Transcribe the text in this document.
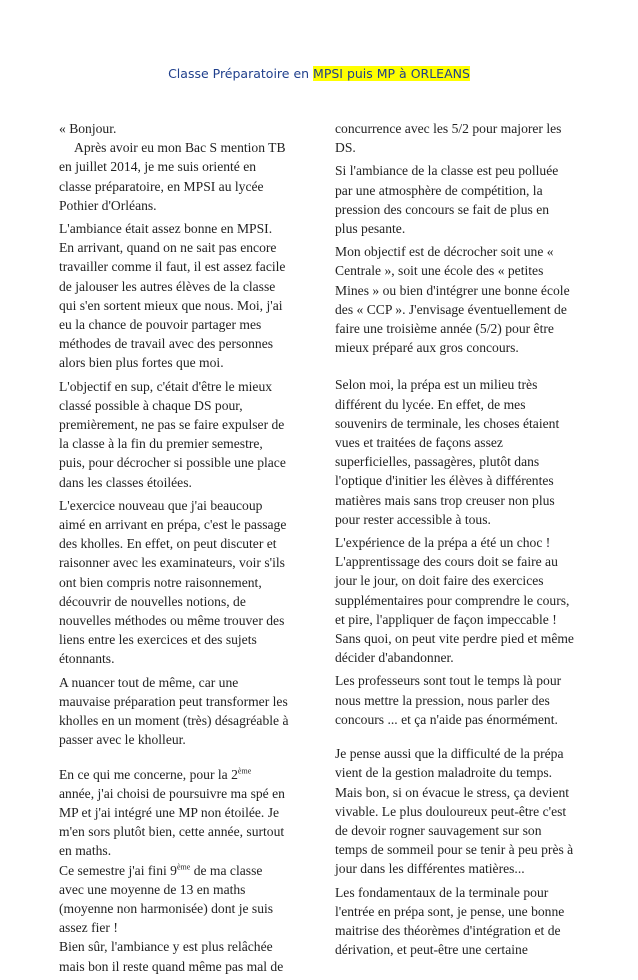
Classe Préparatoire en MPSI puis MP à ORLEANS

« Bonjour.
Après avoir eu mon Bac S mention TB en juillet 2014, je me suis orienté en classe préparatoire, en MPSI au lycée Pothier d'Orléans.

L'ambiance était assez bonne en MPSI.
En arrivant, quand on ne sait pas encore travailler comme il faut, il est assez facile de jalouser les autres élèves de la classe qui s'en sortent mieux que nous. Moi, j'ai eu la chance de pouvoir partager mes méthodes de travail avec des personnes alors bien plus fortes que moi.

L'objectif en sup, c'était d'être le mieux classé possible à chaque DS pour, premièrement, ne pas se faire expulser de la classe à la fin du premier semestre, puis, pour décrocher si possible une place dans les classes étoilées.

L'exercice nouveau que j'ai beaucoup aimé en arrivant en prépa, c'est le passage des kholles. En effet, on peut discuter et raisonner avec les examinateurs, voir s'ils ont bien compris notre raisonnement, découvrir de nouvelles notions, de nouvelles méthodes ou même trouver des liens entre les exercices et des sujets étonnants.

A nuancer tout de même, car une mauvaise préparation peut transformer les kholles en un moment (très) désagréable à passer avec le kholleur.

En ce qui me concerne, pour la 2ème année, j'ai choisi de poursuivre ma spé en MP et j'ai intégré une MP non étoilée. Je m'en sors plutôt bien, cette année, surtout en maths.
Ce semestre j'ai fini 9ème de ma classe avec une moyenne de 13 en maths (moyenne non harmonisée) dont je suis assez fier !
Bien sûr, l'ambiance y est plus relâchée mais bon il reste quand même pas mal de

concurrence avec les 5/2 pour majorer les DS.

Si l'ambiance de la classe est peu polluée par une atmosphère de compétition, la pression des concours se fait de plus en plus pesante.

Mon objectif est de décrocher soit une « Centrale », soit une école des « petites Mines » ou bien d'intégrer une bonne école des « CCP ». J'envisage éventuellement de faire une troisième année (5/2) pour être mieux préparé aux gros concours.

Selon moi, la prépa est un milieu très différent du lycée. En effet, de mes souvenirs de terminale, les choses étaient vues et traitées de façons assez superficielles, passagères, plutôt dans l'optique d'initier les élèves à différentes matières mais sans trop creuser non plus pour rester accessible à tous.

L'expérience de la prépa a été un choc !
L'apprentissage des cours doit se faire au jour le jour, on doit faire des exercices supplémentaires pour comprendre le cours, et pire, l'appliquer de façon impeccable !
Sans quoi, on peut vite perdre pied et même décider d'abandonner.

Les professeurs sont tout le temps là pour nous mettre la pression, nous parler des concours ... et ça n'aide pas énormément.

Je pense aussi que la difficulté de la prépa vient de la gestion maladroite du temps.
Mais bon, si on évacue le stress, ça devient vivable. Le plus douloureux peut-être c'est de devoir rogner sauvagement sur son temps de sommeil pour se tenir à peu près à jour dans les différentes matières...

Les fondamentaux de la terminale pour l'entrée en prépa sont, je pense, une bonne maitrise des théorèmes d'intégration et de dérivation, et peut-être une certaine
